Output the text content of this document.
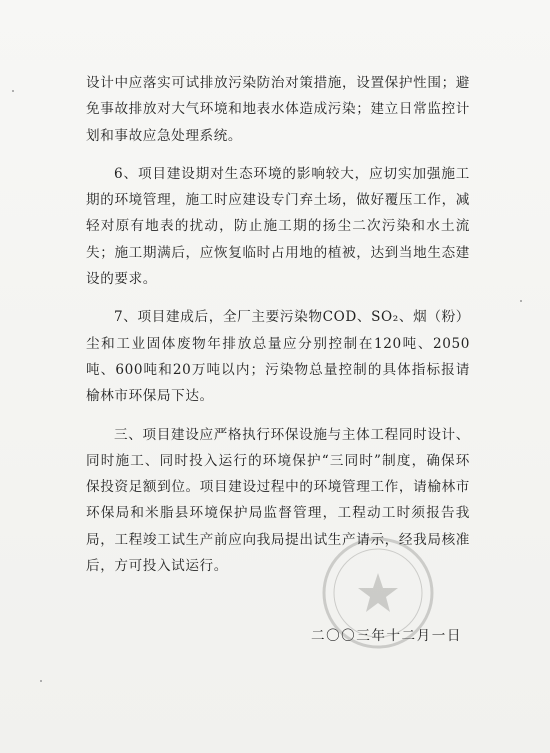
设计中应落实可试排放污染防治对策措施，设置保护性围；避免事故排放对大气环境和地表水体造成污染；建立日常监控计划和事故应急处理系统。

6、项目建设期对生态环境的影响较大，应切实加强施工期的环境管理，施工时应建设专门弃土场，做好覆压工作，减轻对原有地表的扰动，防止施工期的扬尘二次污染和水土流失；施工期满后，应恢复临时占用地的植被，达到当地生态建设的要求。

7、项目建成后，全厂主要污染物COD、SO₂、烟（粉）尘和工业固体废物年排放总量应分别控制在120吨、2050吨、600吨和20万吨以内；污染物总量控制的具体指标报请榆林市环保局下达。

三、项目建设应严格执行环保设施与主体工程同时设计、同时施工、同时投入运行的环境保护“三同时”制度，确保环保投资足额到位。项目建设过程中的环境管理工作，请榆林市环保局和米脂县环境保护局监督管理，工程动工时须报告我局，工程竣工试生产前应向我局提出试生产请示，经我局核准后，方可投入试运行。

二〇〇三年十二月一日
